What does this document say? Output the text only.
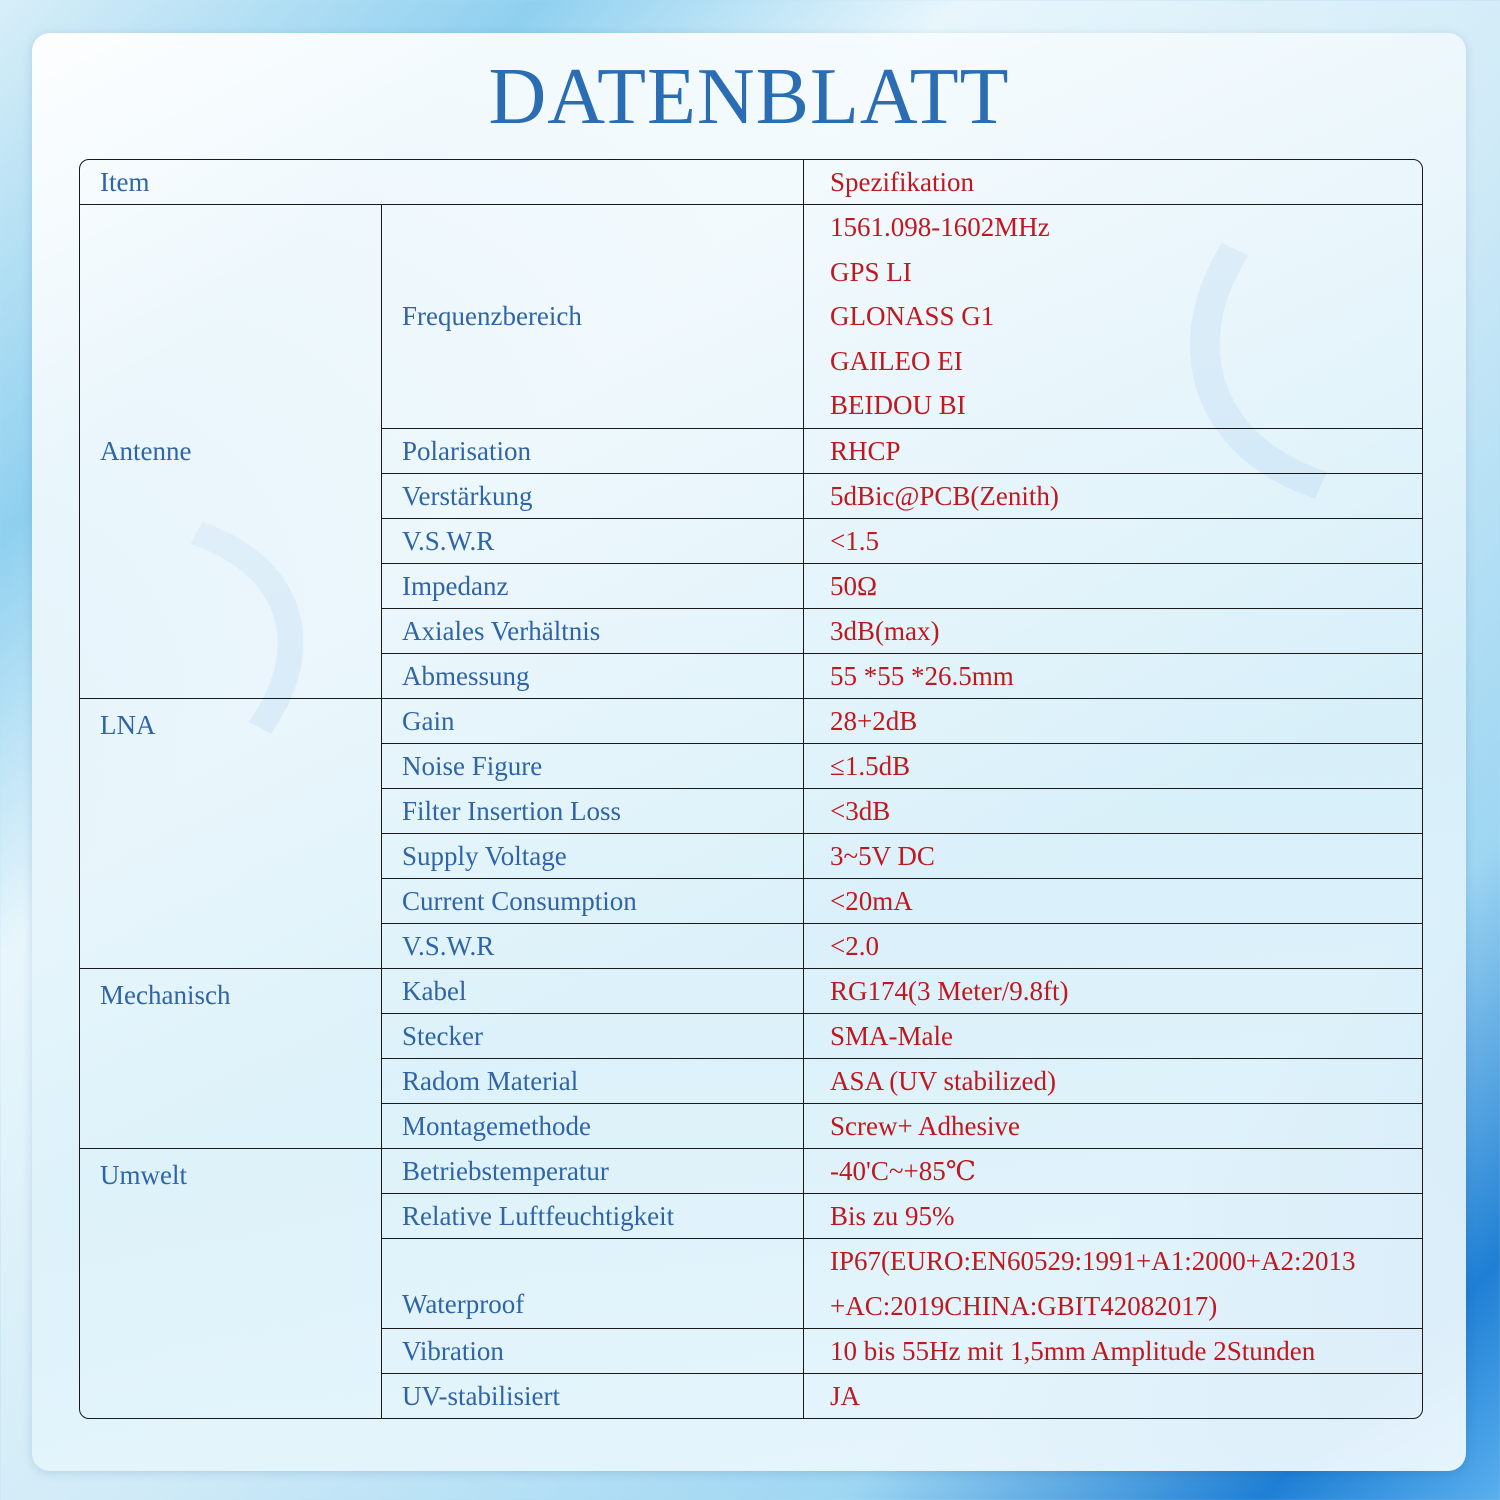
DATENBLATT
Item		Spezifikation
Antenne	Frequenzbereich	1561.098-1602MHz
GPS LI
GLONASS G1
GAILEO EI
BEIDOU BI

	Polarisation	RHCP
	Verstärkung	5dBic@PCB(Zenith)
	V.S.W.R	<1.5
	Impedanz	50Ω
	Axiales Verhältnis	3dB(max)
	Abmessung	55 *55 *26.5mm
LNA	Gain	28+2dB
	Noise Figure	≤1.5dB
	Filter Insertion Loss	<3dB
	Supply Voltage	3~5V DC
	Current Consumption	<20mA
	V.S.W.R	<2.0
Mechanisch	Kabel	RG174(3 Meter/9.8ft)
	Stecker	SMA-Male
	Radom Material	ASA (UV stabilized)
	Montagemethode	Screw+ Adhesive
Umwelt	Betriebstemperatur	-40'C~+85℃
	Relative Luftfeuchtigkeit	Bis zu 95%
	Waterproof	IP67(EURO:EN60529:1991+A1:2000+A2:2013
+AC:2019CHINA:GBIT42082017)

	Vibration	10 bis 55Hz mit 1,5mm Amplitude 2Stunden
	UV-stabilisiert	JA
